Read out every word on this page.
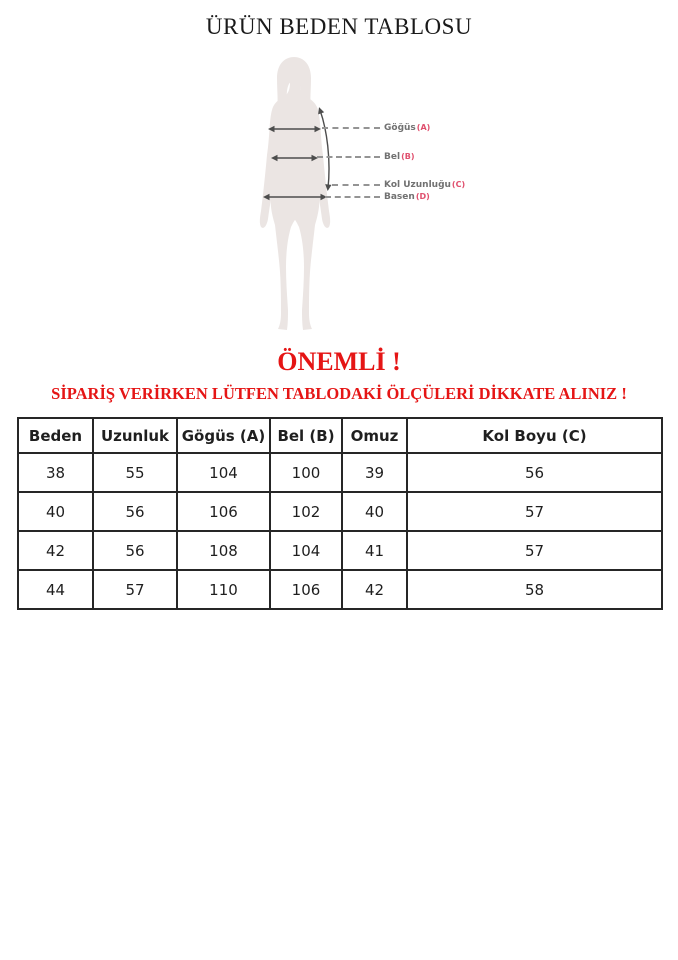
ÜRÜN BEDEN TABLOSU
Göğüs(A)
Bel(B)
Kol Uzunluğu(C)
Basen(D)
ÖNEMLİ !
SİPARİŞ VERİRKEN LÜTFEN TABLODAKİ ÖLÇÜLERİ DİKKATE ALINIZ !
Beden	Uzunluk	Gögüs (A)	Bel (B)	Omuz	Kol Boyu (C)
38	55	104	100	39	56
40	56	106	102	40	57
42	56	108	104	41	57
44	57	110	106	42	58
